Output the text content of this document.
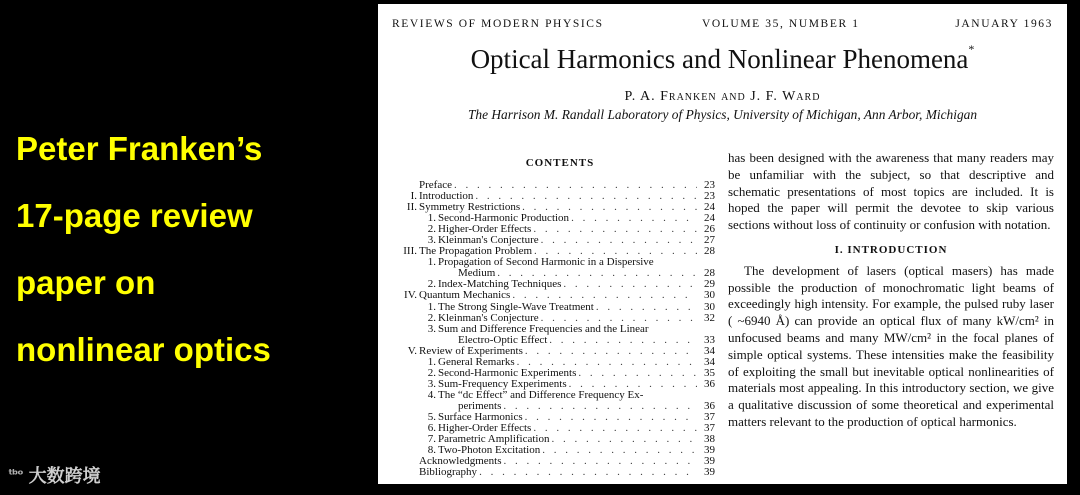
Peter Franken’s
17-page review
paper on
nonlinear optics
ᵗᵇᵒ 大数跨境
REVIEWS OF MODERN PHYSICS	VOLUME 35, NUMBER 1	JANUARY 1963
Optical Harmonics and Nonlinear Phenomena*
P. A. Franken and J. F. Ward
The Harrison M. Randall Laboratory of Physics, University of Michigan, Ann Arbor, Michigan
CONTENTS
Preface . . .	23
I. Introduction . . .	23
II. Symmetry Restrictions . . .	24
1. Second-Harmonic Production . . .	24
2. Higher-Order Effects . . .	26
3. Kleinman's Conjecture . . .	27
III. The Propagation Problem . . .	28
1. Propagation of Second Harmonic in a Dispersive
Medium . . .	28
2. Index-Matching Techniques . . .	29
IV. Quantum Mechanics . . .	30
1. The Strong Single-Wave Treatment . . .	30
2. Kleinman's Conjecture . . .	32
3. Sum and Difference Frequencies and the Linear
Electro-Optic Effect . . .	33
V. Review of Experiments . . .	34
1. General Remarks . . .	34
2. Second-Harmonic Experiments . . .	35
3. Sum-Frequency Experiments . . .	36
4. The “dc Effect” and Difference Frequency Ex-
periments . . .	36
5. Surface Harmonics . . .	37
6. Higher-Order Effects . . .	37
7. Parametric Amplification . . .	38
8. Two-Photon Excitation . . .	39
Acknowledgments . . .	39
Bibliography . . .	39

has been designed with the awareness that many readers may be unfamiliar with the subject, so that descriptive and schematic presentations of most topics are included. It is hoped the paper will permit the devotee to skip various sections without loss of continuity or confusion with notation.

I. INTRODUCTION

The development of lasers (optical masers) has made possible the production of monochromatic light beams of exceedingly high intensity. For example, the pulsed ruby laser ( ~6940 Å) can provide an optical flux of many kW/cm² in unfocused beams and many MW/cm² in the focal planes of simple optical systems. These intensities make the feasibility of exploiting the small but inevitable optical nonlinearities of materials most appealing. In this introductory section, we give a qualitative discussion of some theoretical and experimental matters relevant to the production of optical harmonics.
